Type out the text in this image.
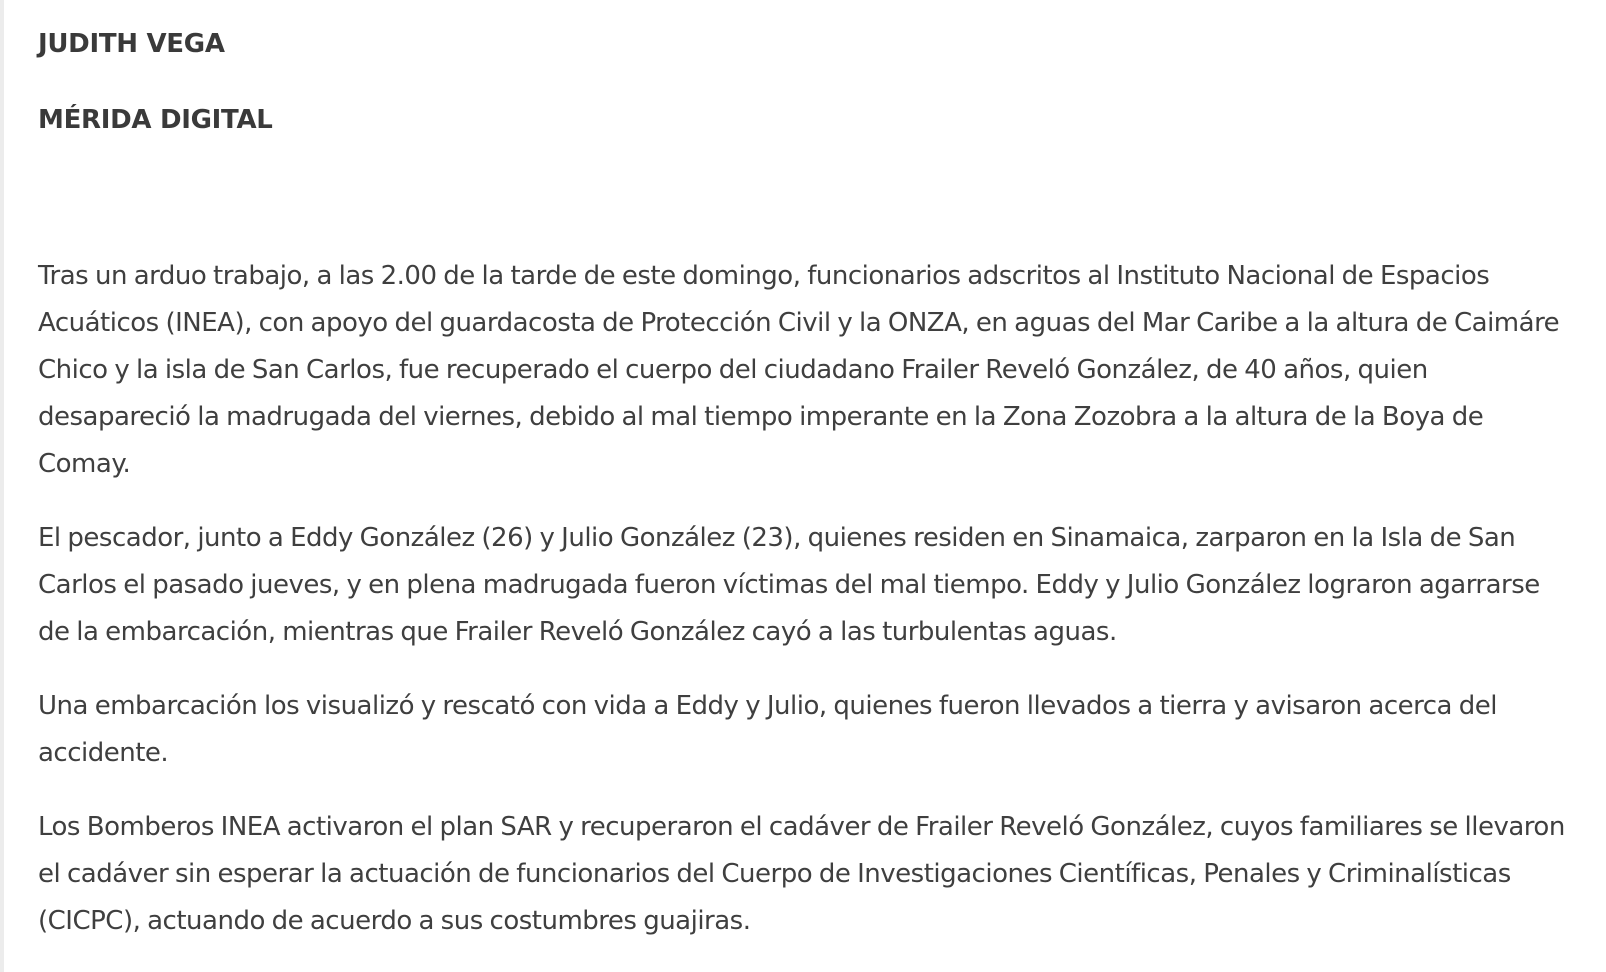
JUDITH VEGA

MÉRIDA DIGITAL

Tras un arduo trabajo, a las 2.00 de la tarde de este domingo, funcionarios adscritos al Instituto Nacional de Espacios Acuáticos (INEA), con apoyo del guardacosta de Protección Civil y la ONZA, en aguas del Mar Caribe a la altura de Caimáre Chico y la isla de San Carlos, fue recuperado el cuerpo del ciudadano Frailer Reveló González, de 40 años, quien desapareció la madrugada del viernes, debido al mal tiempo imperante en la Zona Zozobra a la altura de la Boya de Comay.

El pescador, junto a Eddy González (26) y Julio González (23), quienes residen en Sinamaica, zarparon en la Isla de San Carlos el pasado jueves, y en plena madrugada fueron víctimas del mal tiempo. Eddy y Julio González lograron agarrarse de la embarcación, mientras que Frailer Reveló González cayó a las turbulentas aguas.

Una embarcación los visualizó y rescató con vida a Eddy y Julio, quienes fueron llevados a tierra y avisaron acerca del accidente.

Los Bomberos INEA activaron el plan SAR y recuperaron el cadáver de Frailer Reveló González, cuyos familiares se llevaron el cadáver sin esperar la actuación de funcionarios del Cuerpo de Investigaciones Científicas, Penales y Criminalísticas (CICPC), actuando de acuerdo a sus costumbres guajiras.
